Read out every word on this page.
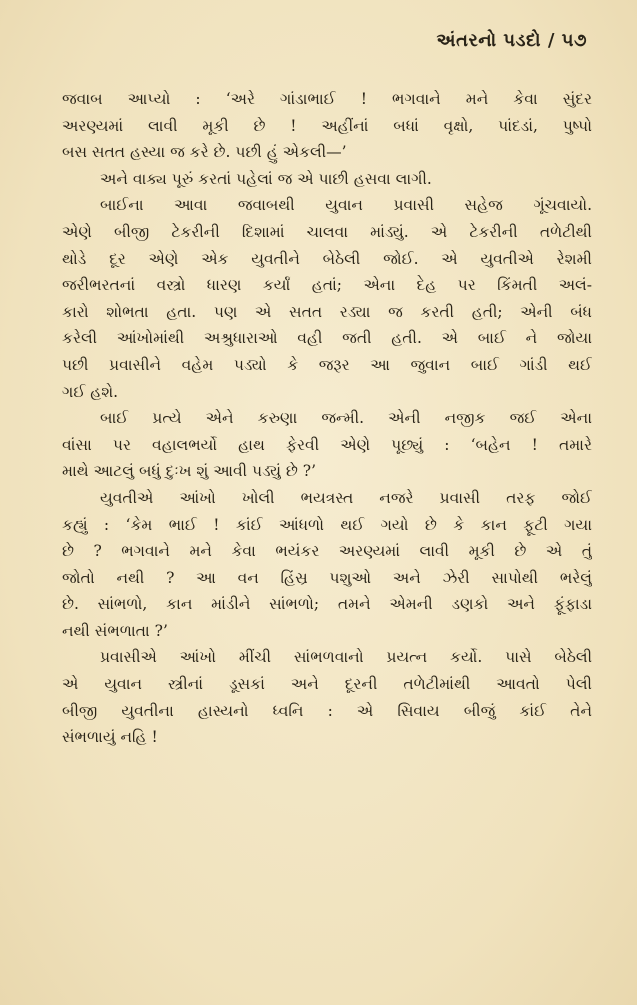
અંતરનો પડદો / ૫૭

જવાબ આપ્યો : ‘અરે ગાંડાભાઈ ! ભગવાને મને કેવા સુંદર
અરણ્યમાં લાવી મૂકી છે ! અહીંનાં બધાં વૃક્ષો, પાંદડાં, પુષ્પો
બસ સતત હસ્યા જ કરે છે. પછી હું એકલી—’

અને વાક્ય પૂરું કરતાં પહેલાં જ એ પાછી હસવા લાગી.

બાઈના આવા જવાબથી યુવાન પ્રવાસી સહેજ ગૂંચવાયો.
એણે બીજી ટેકરીની દિશામાં ચાલવા માંડ્યું. એ ટેકરીની તળેટીથી
થોડે દૂર એણે એક યુવતીને બેઠેલી જોઈ. એ યુવતીએ રેશમી
જરીભરતનાં વસ્ત્રો ધારણ કર્યાં હતાં; એના દેહ પર કિંમતી અલં-
કારો શોભતા હતા. પણ એ સતત રડ્યા જ કરતી હતી; એની બંધ
કરેલી આંખોમાંથી અશ્રુધારાઓ વહી જતી હતી. એ બાઈ ને જોયા
પછી પ્રવાસીને વહેમ પડ્યો કે જરૂર આ જુવાન બાઈ ગાંડી થઈ
ગઈ હશે.

બાઈ પ્રત્યે એને કરુણા જન્મી. એની નજીક જઈ એના
વાંસા પર વહાલભર્યો હાથ ફેરવી એણે પૂછ્યું : ‘બહેન ! તમારે
માથે આટલું બધું દુઃખ શું આવી પડ્યું છે ?’

યુવતીએ આંખો ખોલી ભયત્રસ્ત નજરે પ્રવાસી તરફ જોઈ
કહ્યું : ‘કેમ ભાઈ ! કાંઈ આંધળો થઈ ગયો છે કે કાન ફૂટી ગયા
છે ? ભગવાને મને કેવા ભયંકર અરણ્યમાં લાવી મૂકી છે એ તું
જોતો નથી ? આ વન હિંસ્ર પશુઓ અને ઝેરી સાપોથી ભરેલું
છે. સાંભળો, કાન માંડીને સાંભળો; તમને એમની ડણકો અને ફૂંફાડા
નથી સંભળાતા ?’

પ્રવાસીએ આંખો મીંચી સાંભળવાનો પ્રયત્ન કર્યો. પાસે બેઠેલી
એ યુવાન સ્ત્રીનાં ડૂસકાં અને દૂરની તળેટીમાંથી આવતો પેલી
બીજી યુવતીના હાસ્યનો ધ્વનિ : એ સિવાય બીજું કાંઈ તેને
સંભળાયું નહિ !
